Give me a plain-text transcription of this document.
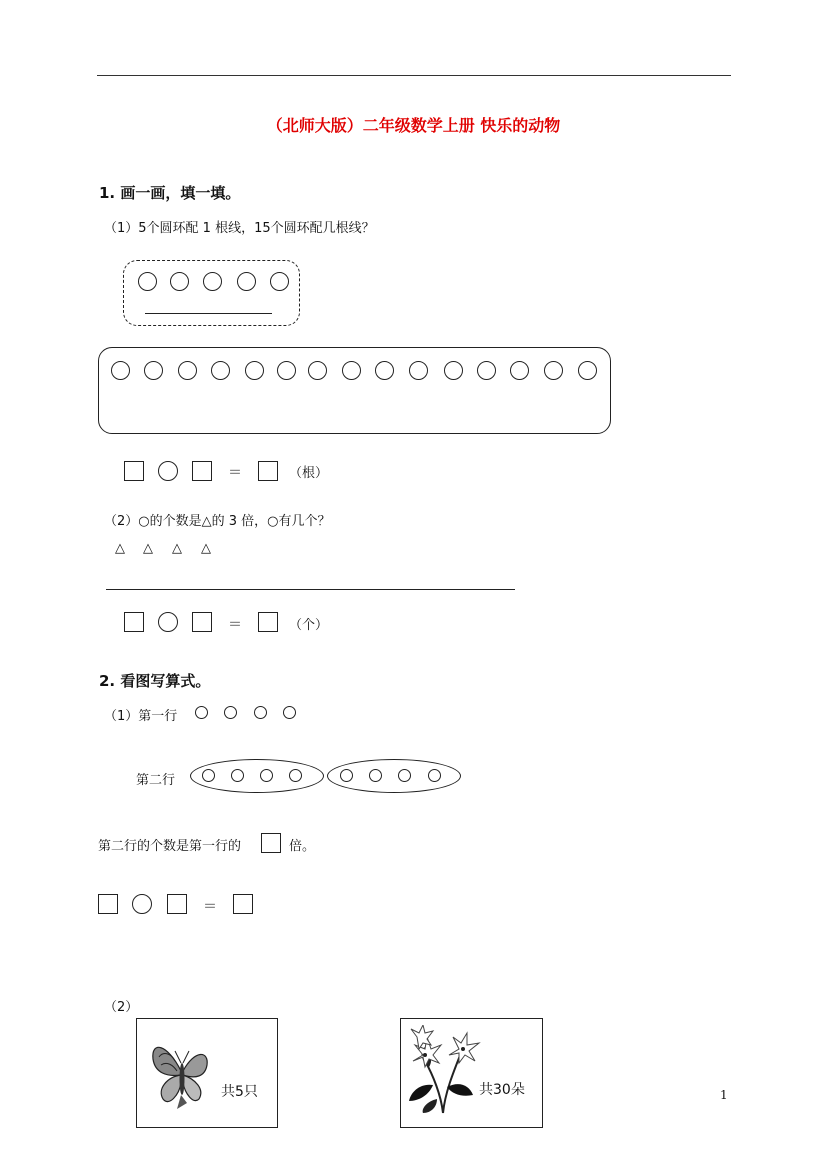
（北师大版）二年级数学上册 快乐的动物
1. 画一画，填一填。
（1）5个圆环配 1 根线，15个圆环配几根线？
＝	（根）
（2）○的个数是△的 3 倍，○有几个？
△ △ △ △
＝	（个）
2. 看图写算式。
（1）第一行
第二行
第二行的个数是第一行的	倍。
＝
（2）
共5只	共30朵	1
